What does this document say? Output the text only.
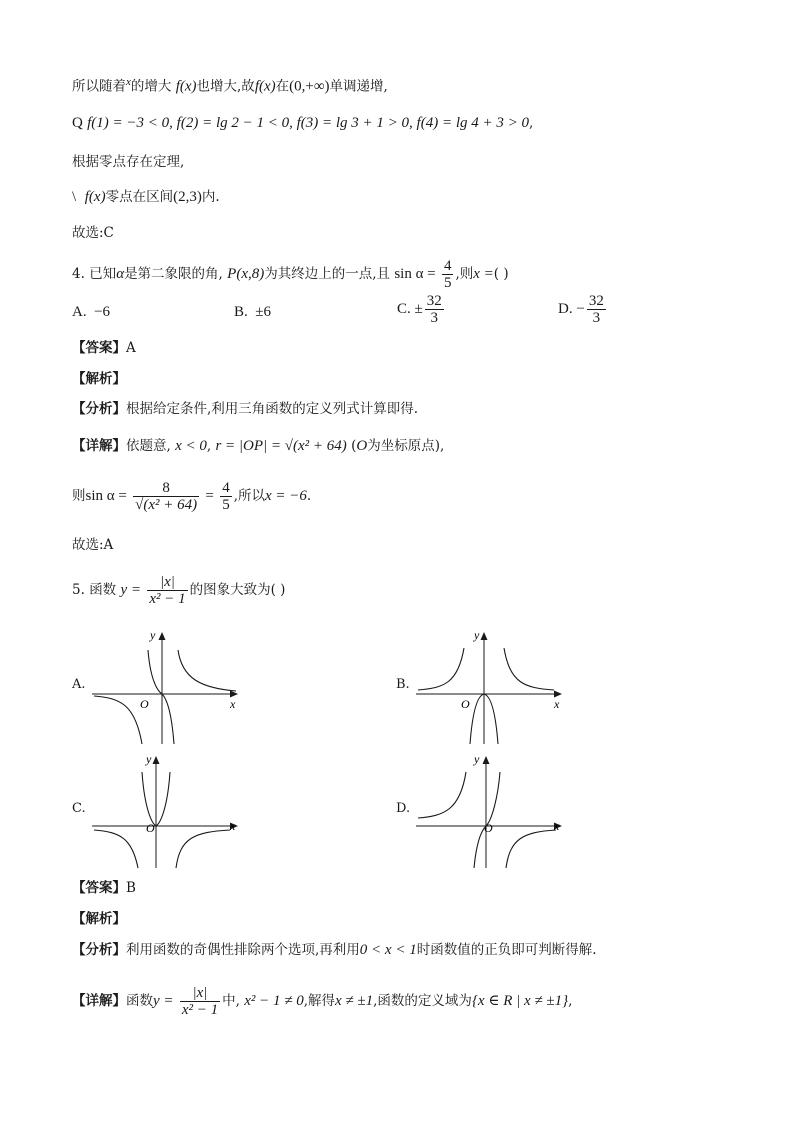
所以随着$^x$的增大 f(x)也增大,故f(x)在(0,+∞)单调递增,
Q f(1) = −3 < 0, f(2) = lg 2 − 1 < 0, f(3) = lg 3 + 1 > 0, f(4) = lg 4 + 3 > 0,
根据零点存在定理,
\ f(x)零点在区间(2,3)内.
故选:C
4. 已知α是第二象限的角, P(x,8)为其终边上的一点,且 $\sin \alpha = \frac{4}{5}$ ,则x =( )
A. −6	B. ±6	C. ± $\frac{32}{3}$	D. − $\frac{32}{3}$
【答案】A
【解析】
【分析】根据给定条件,利用三角函数的定义列式计算即得.
【详解】依题意, x < 0, r = |OP| = √(x² + 64) (O为坐标原点),
则$\sin \alpha = \frac{8}{\text{√(x² + 64)}} = \frac{4}{5}$ ,所以x = −6.
故选:A
5. 函数 $y = \frac{|x|}{\text{x² − 1}}$ 的图象大致为( )
A.	B.
C.	D.
y
x
O
y
x
O
y
x
O
y
x
O
【答案】B
【解析】
【分析】利用函数的奇偶性排除两个选项,再利用0 < x < 1时函数值的正负即可判断得解.
【详解】函数$y = \frac{|x|}{\text{x² − 1}}$ 中, x² − 1 ≠ 0,解得x ≠ ±1,函数的定义域为{x ∈ R | x ≠ ±1},
